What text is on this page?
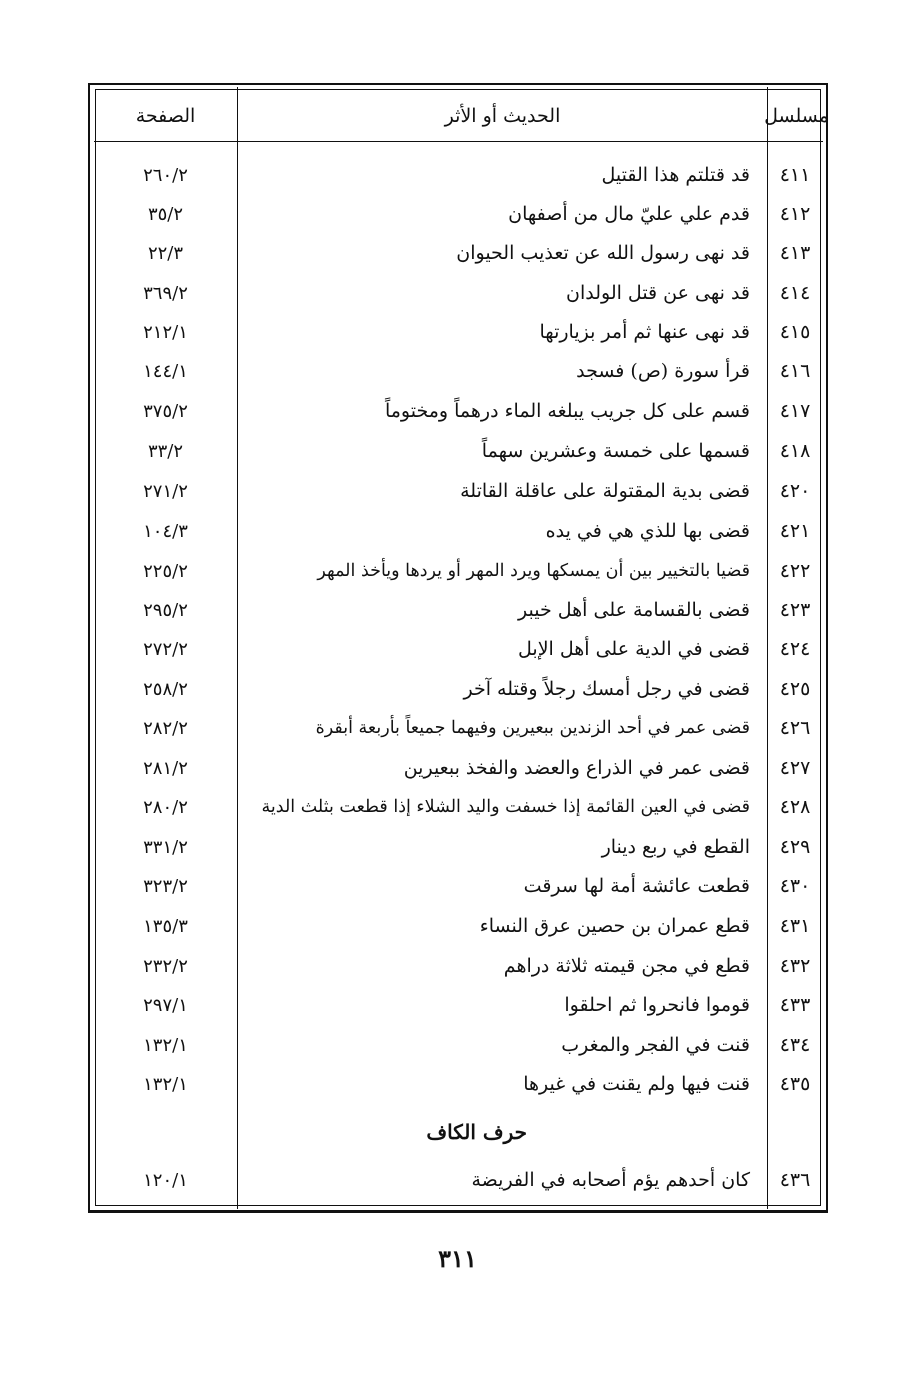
مسلسل
الحديث أو الأثر
الصفحة
٤١١
قد قتلتم هذا القتيل
٢٦٠/٢
٤١٢
قدم علي عليّ مال من أصفهان
٣٥/٢
٤١٣
قد نهى رسول الله عن تعذيب الحيوان
٢٢/٣
٤١٤
قد نهى عن قتل الولدان
٣٦٩/٢
٤١٥
قد نهى عنها ثم أمر بزيارتها
٢١٢/١
٤١٦
قرأ سورة (ص) فسجد
١٤٤/١
٤١٧
قسم على كل جريب يبلغه الماء درهماً ومختوماً
٣٧٥/٢
٤١٨
قسمها على خمسة وعشرين سهماً
٣٣/٢
٤٢٠
قضى بدية المقتولة على عاقلة القاتلة
٢٧١/٢
٤٢١
قضى بها للذي هي في يده
١٠٤/٣
٤٢٢
قضيا بالتخيير بين أن يمسكها ويرد المهر أو يردها ويأخذ المهر
٢٢٥/٢
٤٢٣
قضى بالقسامة على أهل خيبر
٢٩٥/٢
٤٢٤
قضى في الدية على أهل الإبل
٢٧٢/٢
٤٢٥
قضى في رجل أمسك رجلاً وقتله آخر
٢٥٨/٢
٤٢٦
قضى عمر في أحد الزندين ببعيرين وفيهما جميعاً بأربعة أبقرة
٢٨٢/٢
٤٢٧
قضى عمر في الذراع والعضد والفخذ ببعيرين
٢٨١/٢
٤٢٨
قضى في العين القائمة إذا خسفت واليد الشلاء إذا قطعت بثلث الدية
٢٨٠/٢
٤٢٩
القطع في ربع دينار
٣٣١/٢
٤٣٠
قطعت عائشة أمة لها سرقت
٣٢٣/٢
٤٣١
قطع عمران بن حصين عرق النساء
١٣٥/٣
٤٣٢
قطع في مجن قيمته ثلاثة دراهم
٢٣٢/٢
٤٣٣
قوموا فانحروا ثم احلقوا
٢٩٧/١
٤٣٤
قنت في الفجر والمغرب
١٣٢/١
٤٣٥
قنت فيها ولم يقنت في غيرها
١٣٢/١
حرف الكاف
٤٣٦
كان أحدهم يؤم أصحابه في الفريضة
١٢٠/١
٣١١
